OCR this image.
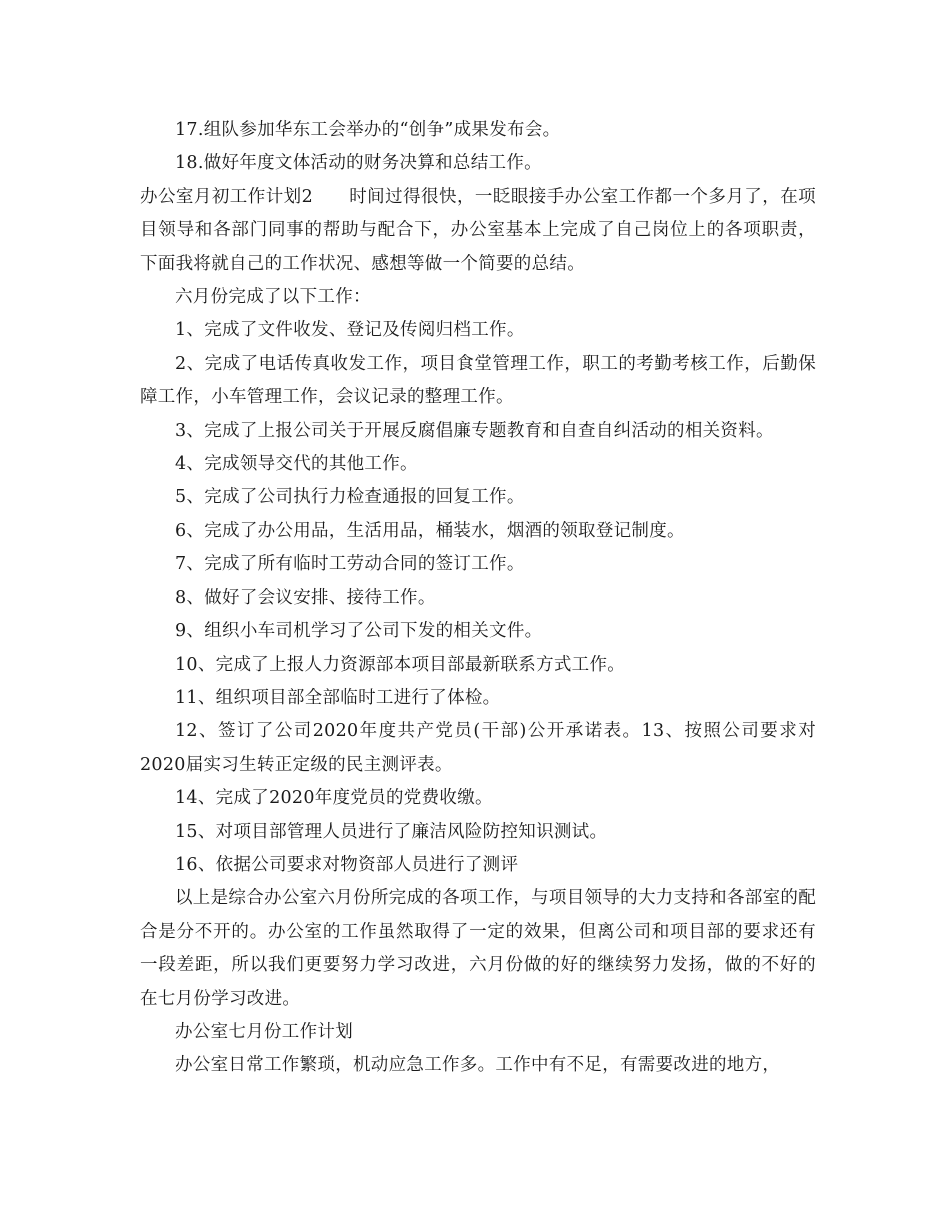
17.组队参加华东工会举办的“创争”成果发布会。

18.做好年度文体活动的财务决算和总结工作。

办公室月初工作计划2 时间过得很快，一眨眼接手办公室工作都一个多月了，在项目领导和各部门同事的帮助与配合下，办公室基本上完成了自己岗位上的各项职责，下面我将就自己的工作状况、感想等做一个简要的总结。

六月份完成了以下工作：

1、完成了文件收发、登记及传阅归档工作。

2、完成了电话传真收发工作，项目食堂管理工作，职工的考勤考核工作，后勤保障工作，小车管理工作，会议记录的整理工作。

3、完成了上报公司关于开展反腐倡廉专题教育和自查自纠活动的相关资料。

4、完成领导交代的其他工作。

5、完成了公司执行力检查通报的回复工作。

6、完成了办公用品，生活用品，桶装水，烟酒的领取登记制度。

7、完成了所有临时工劳动合同的签订工作。

8、做好了会议安排、接待工作。

9、组织小车司机学习了公司下发的相关文件。

10、完成了上报人力资源部本项目部最新联系方式工作。

11、组织项目部全部临时工进行了体检。

12、签订了公司2020年度共产党员(干部)公开承诺表。13、按照公司要求对2020届实习生转正定级的民主测评表。

14、完成了2020年度党员的党费收缴。

15、对项目部管理人员进行了廉洁风险防控知识测试。

16、依据公司要求对物资部人员进行了测评

以上是综合办公室六月份所完成的各项工作，与项目领导的大力支持和各部室的配合是分不开的。办公室的工作虽然取得了一定的效果，但离公司和项目部的要求还有一段差距，所以我们更要努力学习改进，六月份做的好的继续努力发扬，做的不好的在七月份学习改进。

办公室七月份工作计划

办公室日常工作繁琐，机动应急工作多。工作中有不足，有需要改进的地方，
